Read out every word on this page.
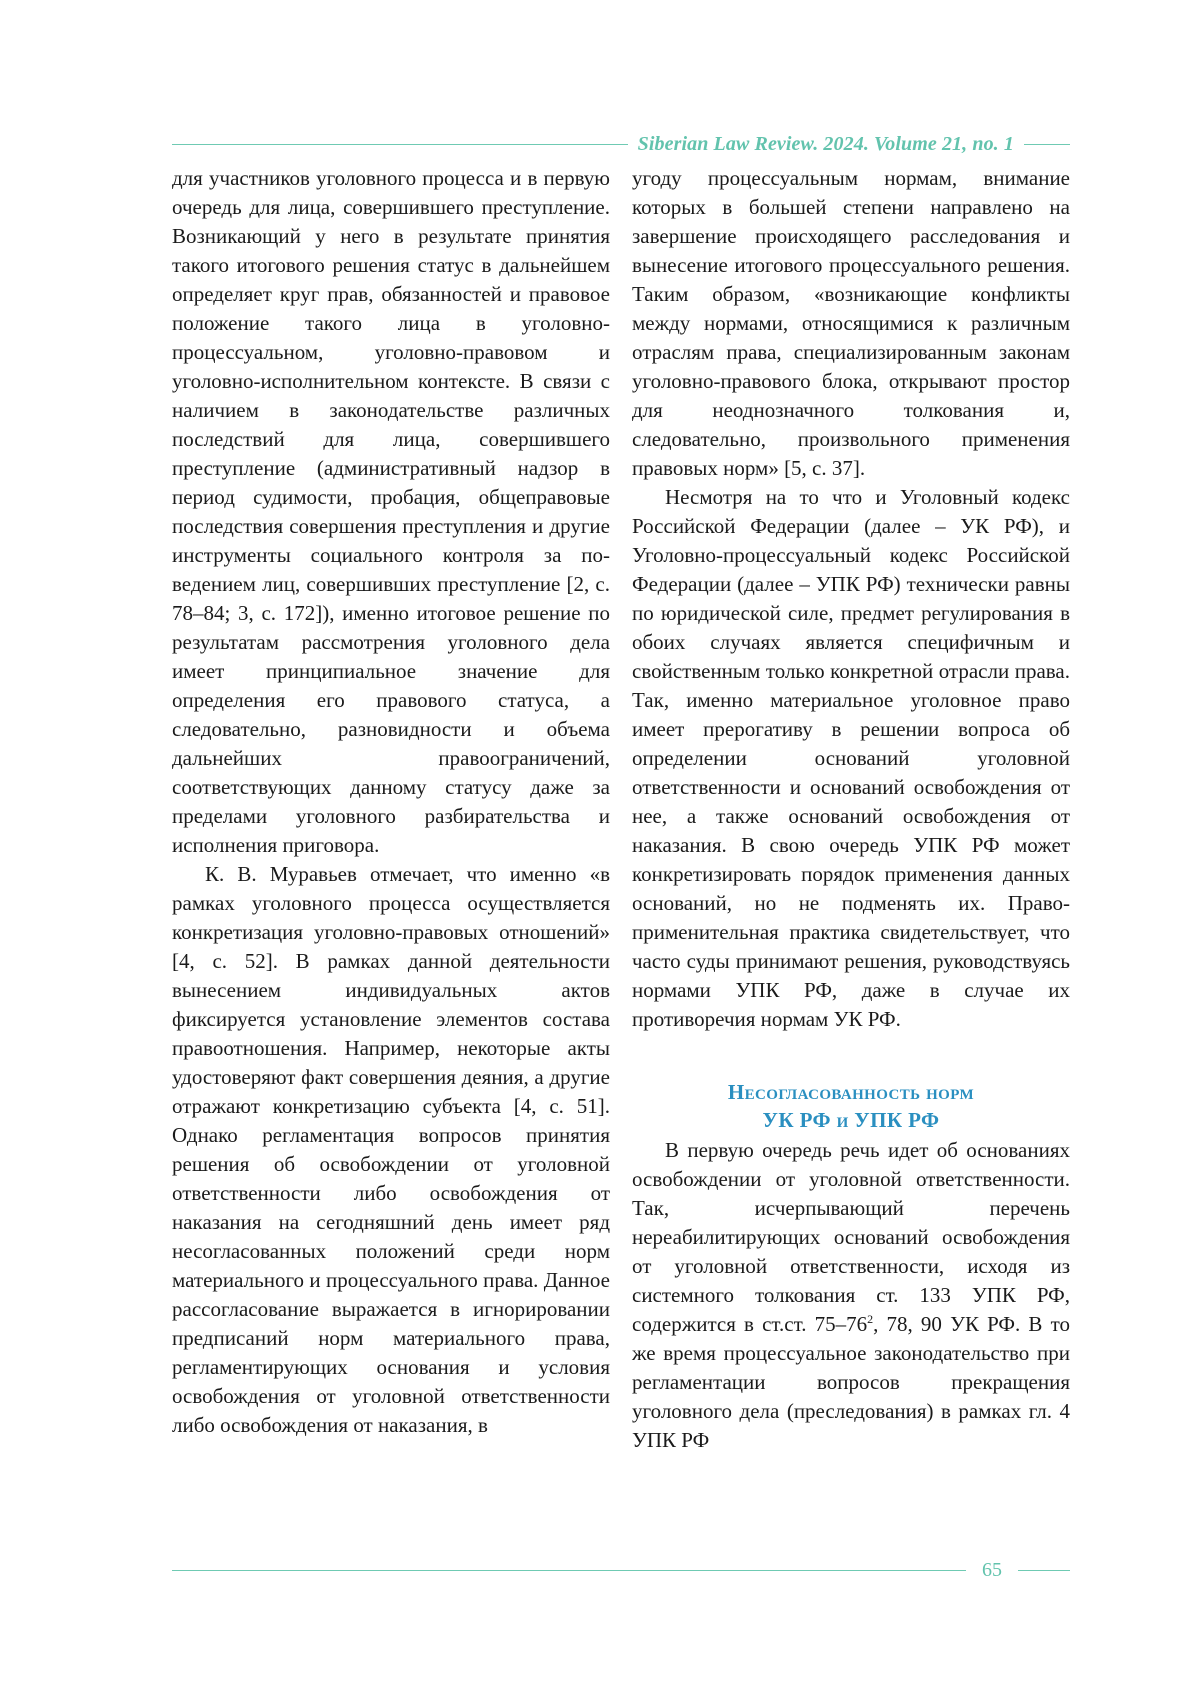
Siberian Law Review. 2024. Volume 21, no. 1

для участников уголовного процесса и в первую очередь для лица, совершившего преступление. Возникающий у него в результате принятия такого итогового решения статус в дальнейшем определяет круг прав, обязанностей и правовое положение такого лица в уголовно-процессуальном, уголовно-правовом и уголовно-исполнительном контексте. В связи с наличием в законодательстве различных последствий для лица, совершившего преступление (административный надзор в период судимости, пробация, общеправовые последствия совершения преступления и другие инструменты социального контроля за поведением лиц, совершивших преступление [2, с. 78–84; 3, с. 172]), именно итоговое решение по результатам рассмотрения уголовного дела имеет принципиальное значение для определения его правового статуса, а следовательно, разновидности и объема дальнейших правоограничений, соответствующих данному статусу даже за пределами уголовного разбирательства и исполнения приговора.

К. В. Муравьев отмечает, что именно «в рамках уголовного процесса осуществляется конкретизация уголовно-правовых отношений» [4, с. 52]. В рамках данной деятельности вынесением индивидуальных актов фиксируется установление элементов состава правоотношения. Например, некоторые акты удостоверяют факт совершения деяния, а другие отражают конкретизацию субъекта [4, с. 51]. Однако регламентация вопросов принятия решения об освобождении от уголовной ответственности либо освобождения от наказания на сегодняшний день имеет ряд несогласованных положений среди норм материального и процессуального права. Данное рассогласование выражается в игнорировании предписаний норм материального права, регламентирующих основания и условия освобождения от уголовной ответственности либо освобождения от наказания, в

угоду процессуальным нормам, внимание которых в большей степени направлено на завершение происходящего расследования и вынесение итогового процессуального решения. Таким образом, «возникающие конфликты между нормами, относящимися к различным отраслям права, специализированным законам уголовно-правового блока, открывают простор для неоднозначного толкования и, следовательно, произвольного применения правовых норм» [5, с. 37].

Несмотря на то что и Уголовный кодекс Российской Федерации (далее – УК РФ), и Уголовно-процессуальный кодекс Российской Федерации (далее – УПК РФ) технически равны по юридической силе, предмет регулирования в обоих случаях является специфичным и свойственным только конкретной отрасли права. Так, именно материальное уголовное право имеет прерогативу в решении вопроса об определении оснований уголовной ответственности и оснований освобождения от нее, а также оснований освобождения от наказания. В свою очередь УПК РФ может конкретизировать порядок применения данных оснований, но не подменять их. Правоприменительная практика свидетельствует, что часто суды принимают решения, руководствуясь нормами УПК РФ, даже в случае их противоречия нормам УК РФ.

Несогласованность норм
УК РФ и УПК РФ

В первую очередь речь идет об основаниях освобождении от уголовной ответственности. Так, исчерпывающий перечень нереабилитирующих оснований освобождения от уголовной ответственности, исходя из системного толкования ст. 133 УПК РФ, содержится в ст.ст. $75-76^2$, 78, 90 УК РФ. В то же время процессуальное законодательство при регламентации вопросов прекращения уголовного дела (преследования) в рамках гл. 4 УПК РФ

65
